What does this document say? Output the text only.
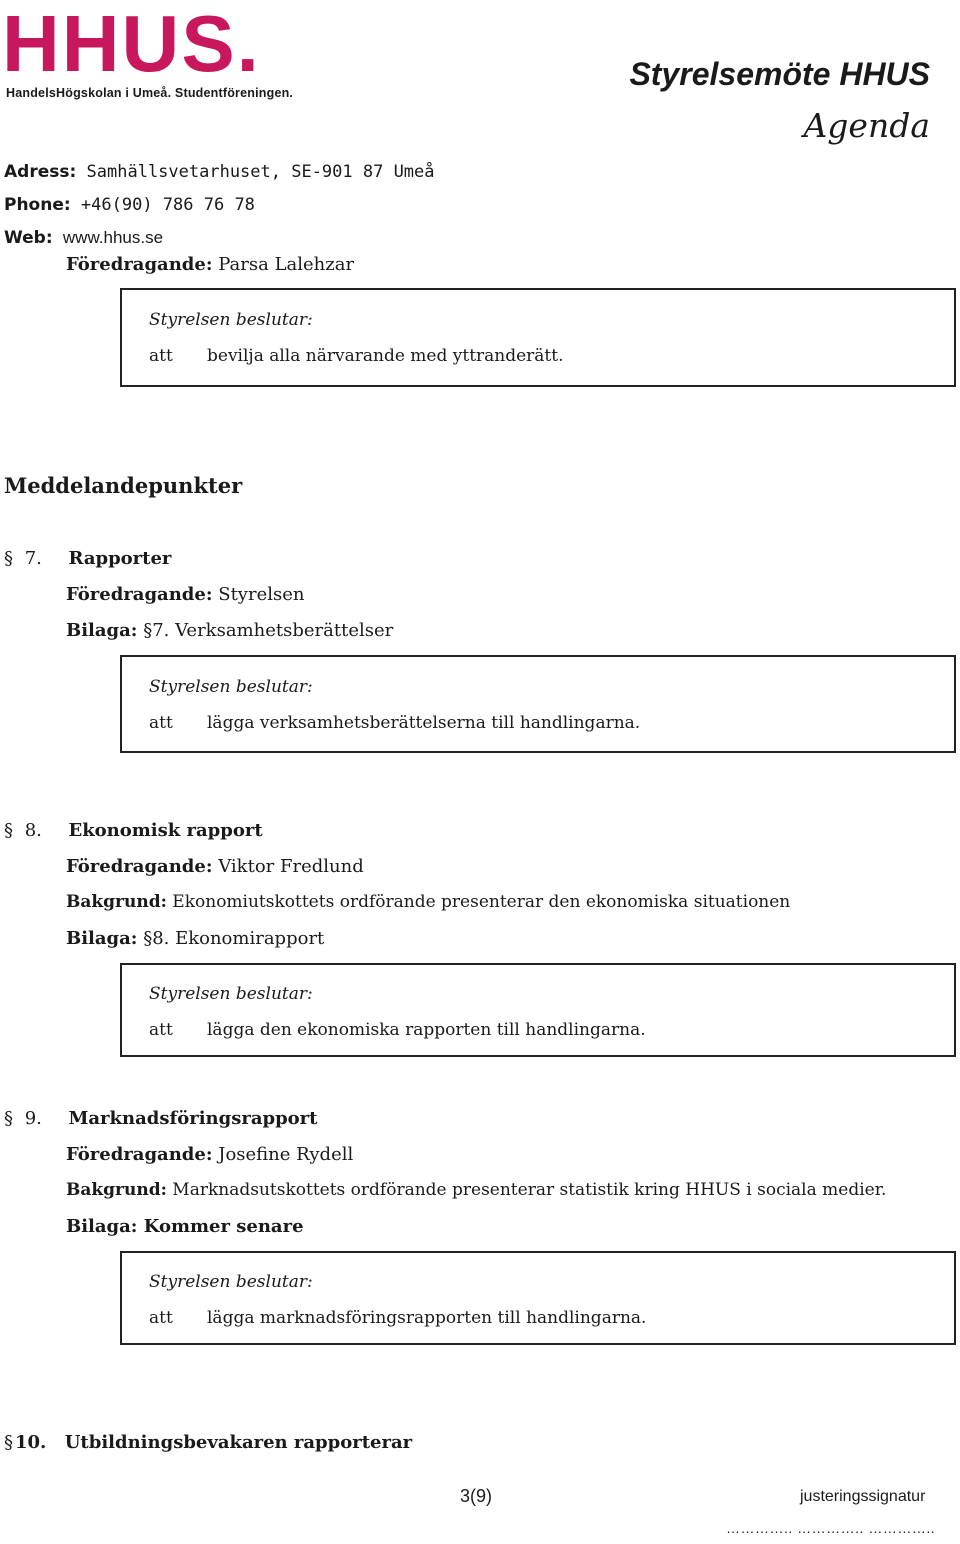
HHUS.
HandelsHögskolan i Umeå. Studentföreningen.
Styrelsemöte HHUS
Agenda
Adress: Samhällsvetarhuset, SE-901 87 Umeå
Phone: +46(90) 786 76 78
Web: www.hhus.se
Föredragande: Parsa Lalehzar
Styrelsen beslutar:
att bevilja alla närvarande med yttranderätt.
Meddelandepunkter
§ 7. Rapporter
Föredragande: Styrelsen
Bilaga: §7. Verksamhetsberättelser
Styrelsen beslutar:
att lägga verksamhetsberättelserna till handlingarna.
§ 8. Ekonomisk rapport
Föredragande: Viktor Fredlund
Bakgrund: Ekonomiutskottets ordförande presenterar den ekonomiska situationen
Bilaga: §8. Ekonomirapport
Styrelsen beslutar:
att lägga den ekonomiska rapporten till handlingarna.
§ 9. Marknadsföringsrapport
Föredragande: Josefine Rydell
Bakgrund: Marknadsutskottets ordförande presenterar statistik kring HHUS i sociala medier.
Bilaga: Kommer senare
Styrelsen beslutar:
att lägga marknadsföringsrapporten till handlingarna.
§ 10. Utbildningsbevakaren rapporterar
3(9)	justeringssignatur
………….. ………….. …………..
